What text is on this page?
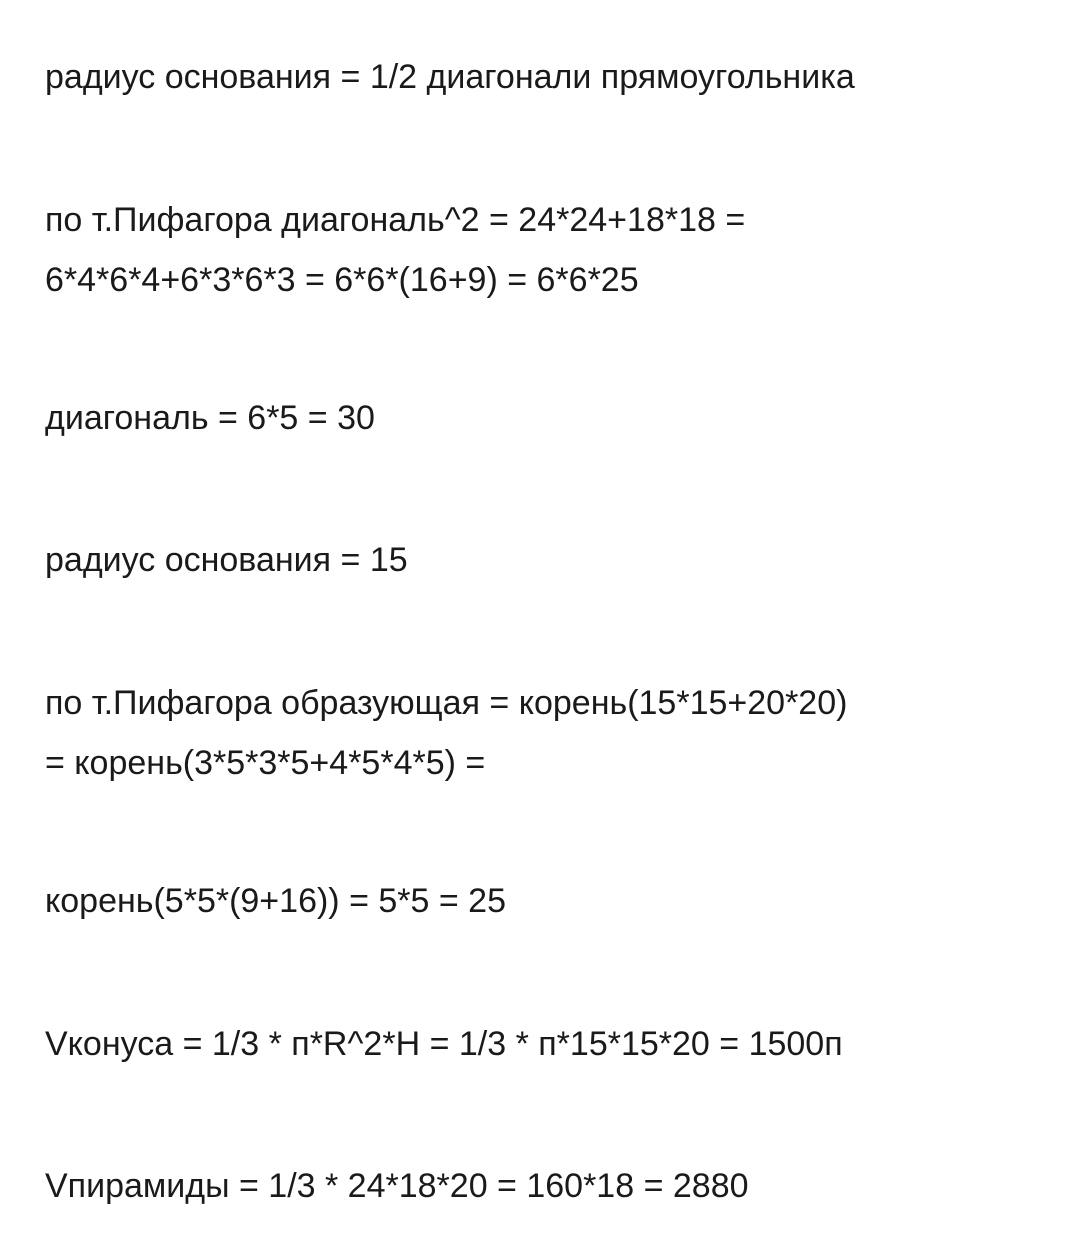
радиус основания = 1/2 диагонали прямоугольника
по т.Пифагора диагональ^2 = 24*24+18*18 =
6*4*6*4+6*3*6*3 = 6*6*(16+9) = 6*6*25
диагональ = 6*5 = 30
радиус основания = 15
по т.Пифагора образующая = корень(15*15+20*20)
= корень(3*5*3*5+4*5*4*5) =
корень(5*5*(9+16)) = 5*5 = 25
Vконуса = 1/3 * п*R^2*H = 1/3 * п*15*15*20 = 1500п
Vпирамиды = 1/3 * 24*18*20 = 160*18 = 2880
